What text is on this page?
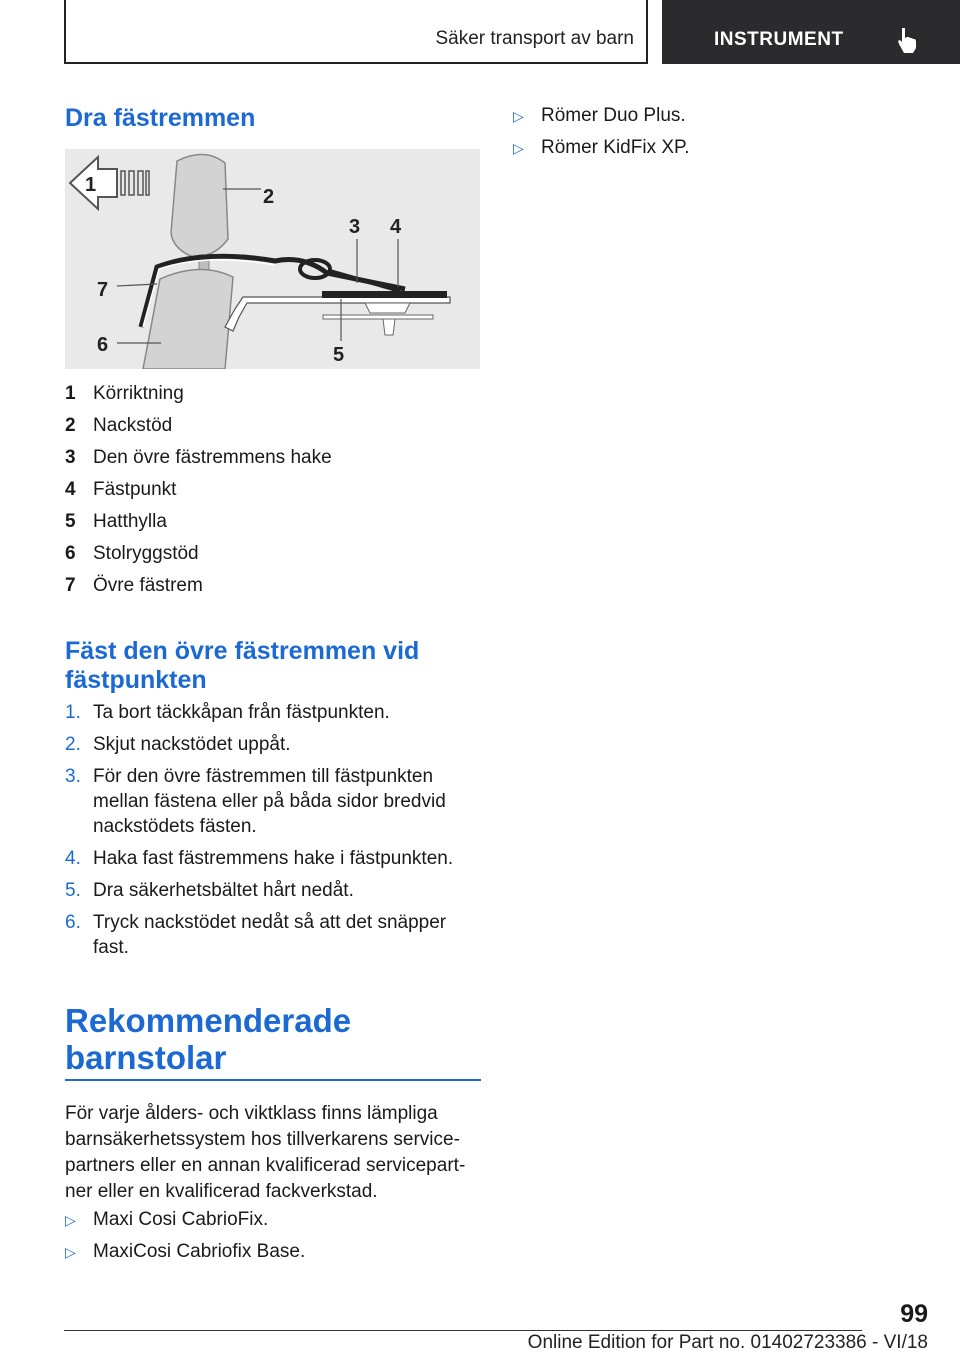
Säker transport av barn	INSTRUMENT
Dra fästremmen
1
2
3 4
5
7
6
1 Körriktning
2 Nackstöd
3 Den övre fästremmens hake
4 Fästpunkt
5 Hatthylla
6 Stolryggstöd
7 Övre fästrem
Fäst den övre fästremmen vid
fästpunkten
1. Ta bort täckkåpan från fästpunkten.
2. Skjut nackstödet uppåt.
3. För den övre fästremmen till fästpunkten mellan fästena eller på båda sidor bredvid nackstödets fästen.
4. Haka fast fästremmens hake i fästpunkten.
5. Dra säkerhetsbältet hårt nedåt.
6. Tryck nackstödet nedåt så att det snäpper fast.
Rekommenderade
barnstolar

För varje ålders- och viktklass finns lämpliga barnsäkerhetssystem hos tillverkarens servicepartners eller en annan kvalificerad servicepartner eller en kvalificerad fackverkstad.

▷ Maxi Cosi CabrioFix.
▷ MaxiCosi Cabriofix Base.
▷ Römer Duo Plus.
▷ Römer KidFix XP.
99
Online Edition for Part no. 01402723386 - VI/18
